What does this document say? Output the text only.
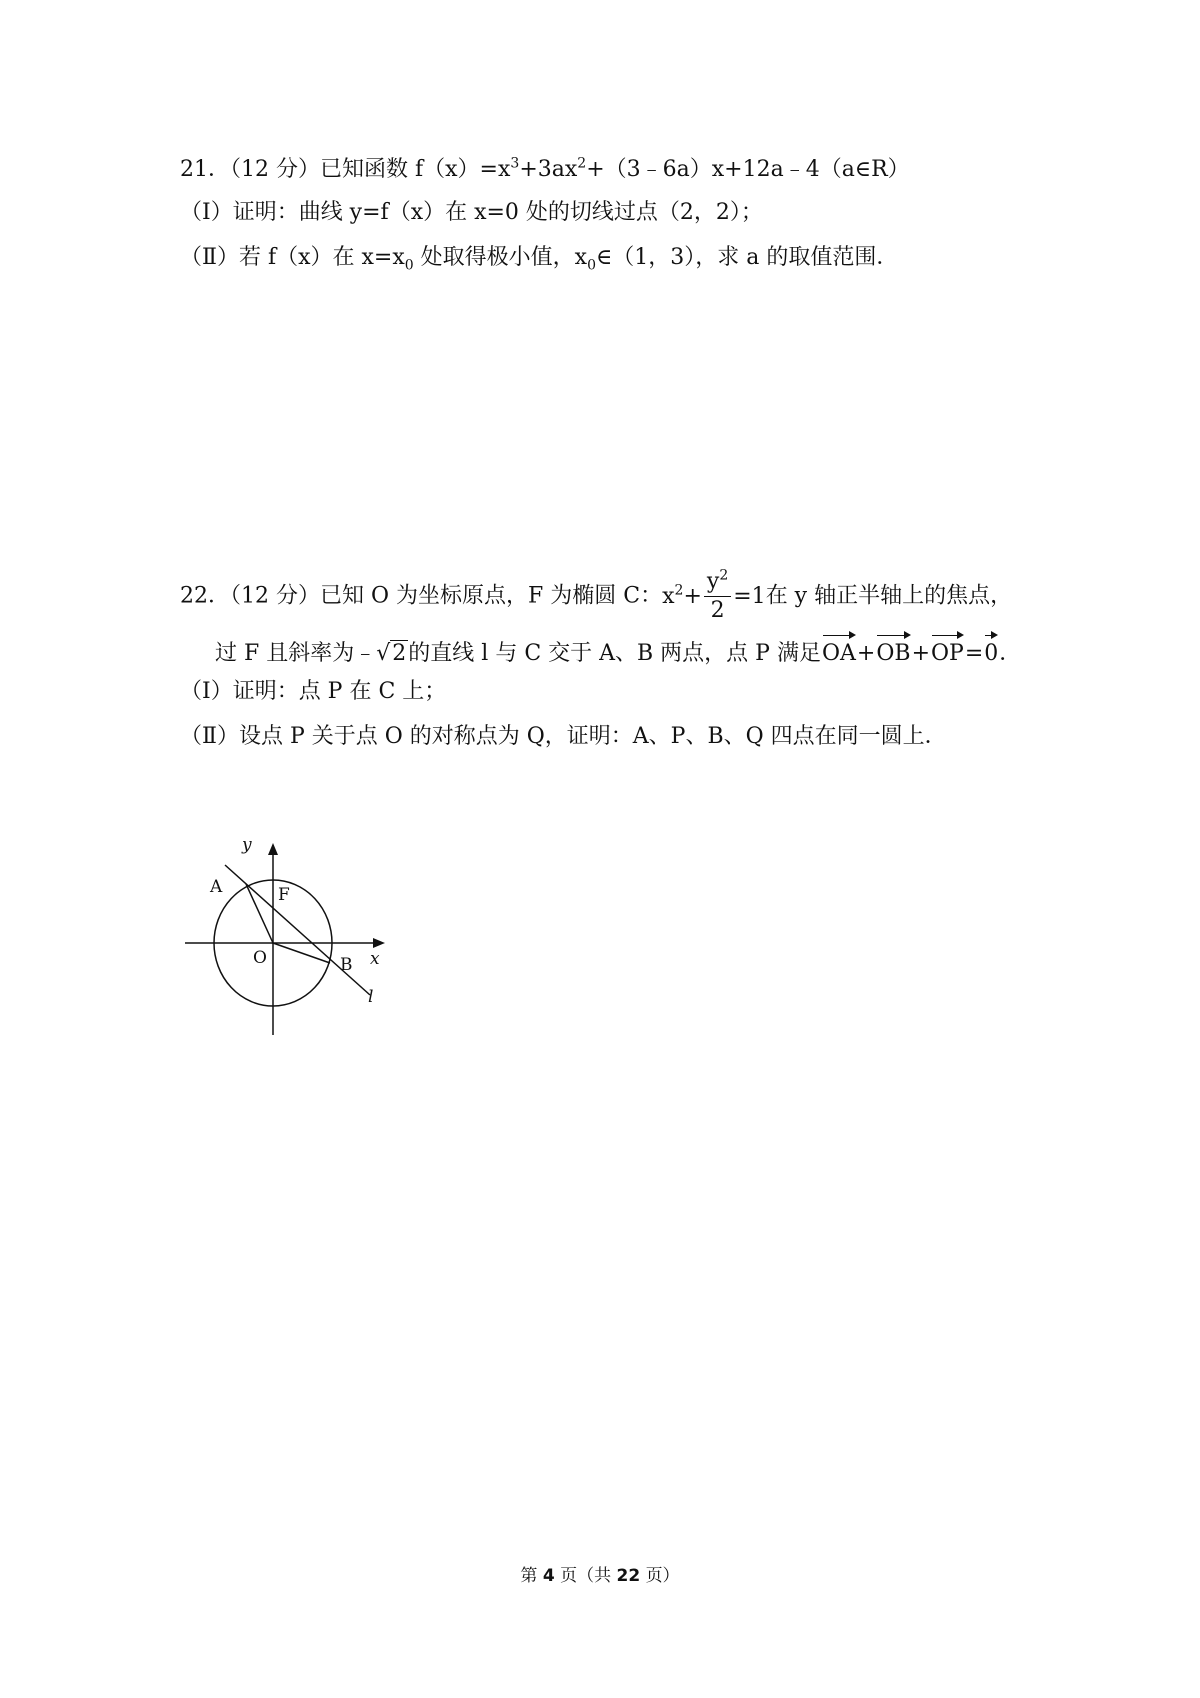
21．（12 分）已知函数 $f(x)=x^3+3ax^2+(3﹣6a)x+12a﹣4(a\in R)$
（Ⅰ）证明：曲线 y=f（x）在 x=0 处的切线过点（2，2）；
（Ⅱ）若 f（x）在 $x=x_0$ 处取得极小值，$x_0\in(1$，3），求 a 的取值范围．
22．（12 分）已知 O 为坐标原点，F 为椭圆 C：$x^2+ \frac{y^2}{2} =1$在 y 轴正半轴上的焦点，
过 F 且斜率为﹣√2的直线 l 与 C 交于 A、B 两点，点 P 满足OA+OB+OP=0．
（Ⅰ）证明：点 P 在 C 上；
（Ⅱ）设点 P 关于点 O 的对称点为 Q，证明：A、P、B、Q 四点在同一圆上．
y
x
A	F
O	B
l
第 4 页（共 22 页）
